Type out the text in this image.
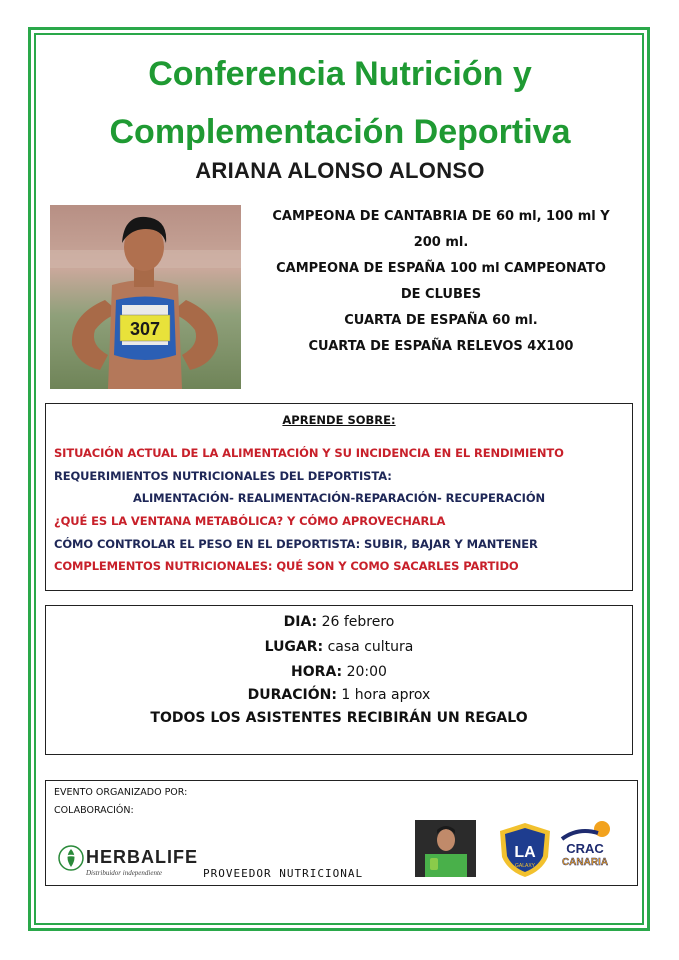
Conferencia Nutrición y
Complementación Deportiva
ARIANA ALONSO ALONSO
307
CAMPEONA DE CANTABRIA DE 60 ml, 100 ml Y
200 ml.
CAMPEONA DE ESPAÑA 100 ml CAMPEONATO
DE CLUBES
CUARTA DE ESPAÑA 60 ml.
CUARTA DE ESPAÑA RELEVOS 4X100
APRENDE SOBRE:
SITUACIÓN ACTUAL DE LA ALIMENTACIÓN Y SU INCIDENCIA EN EL RENDIMIENTO
REQUERIMIENTOS NUTRICIONALES DEL DEPORTISTA:
ALIMENTACIÓN- REALIMENTACIÓN-REPARACIÓN- RECUPERACIÓN
¿QUÉ ES LA VENTANA METABÓLICA? Y CÓMO APROVECHARLA
CÓMO CONTROLAR EL PESO EN EL DEPORTISTA: SUBIR, BAJAR Y MANTENER
COMPLEMENTOS NUTRICIONALES: QUÉ SON Y COMO SACARLES PARTIDO
DIA: 26 febrero
LUGAR: casa cultura
HORA: 20:00
DURACIÓN: 1 hora aprox
TODOS LOS ASISTENTES RECIBIRÁN UN REGALO
EVENTO ORGANIZADO POR:
COLABORACIÓN:
HERBALIFE
Distribuidor independiente	PROVEEDOR NUTRICIONAL
LA
GALAXY
CRAC
CANARIA
